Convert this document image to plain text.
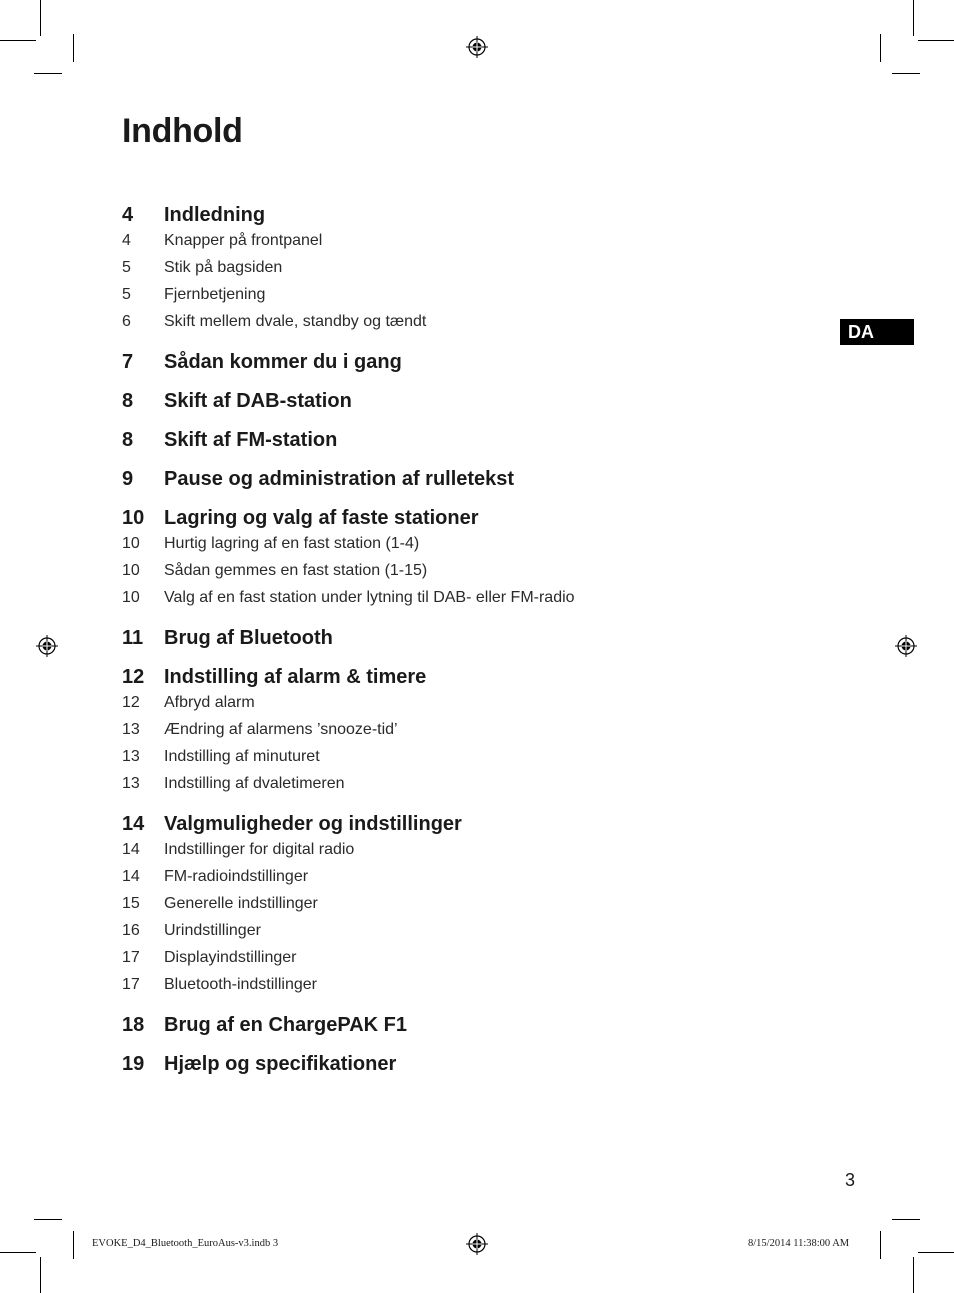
Indhold
4	Indledning
4	Knapper på frontpanel
5	Stik på bagsiden
5	Fjernbetjening
6	Skift mellem dvale, standby og tændt
7	Sådan kommer du i gang
8	Skift af DAB-station
8	Skift af FM-station
9	Pause og administration af rulletekst
10 Lagring og valg af faste stationer
10	Hurtig lagring af en fast station (1-4)
10	Sådan gemmes en fast station (1-15)
10	Valg af en fast station under lytning til DAB- eller FM-radio
11	Brug af Bluetooth
12 Indstilling af alarm & timere
12	Afbryd alarm
13	Ændring af alarmens ’snooze-tid’
13	Indstilling af minuturet
13	Indstilling af dvaletimeren
14 Valgmuligheder og indstillinger
14	Indstillinger for digital radio
14	FM-radioindstillinger
15	Generelle indstillinger
16	Urindstillinger
17	Displayindstillinger
17	Bluetooth-indstillinger
18 Brug af en ChargePAK F1
19 Hjælp og specifikationer
DA
3
EVOKE_D4_Bluetooth_EuroAus-v3.indb 3	8/15/2014 11:38:00 AM
